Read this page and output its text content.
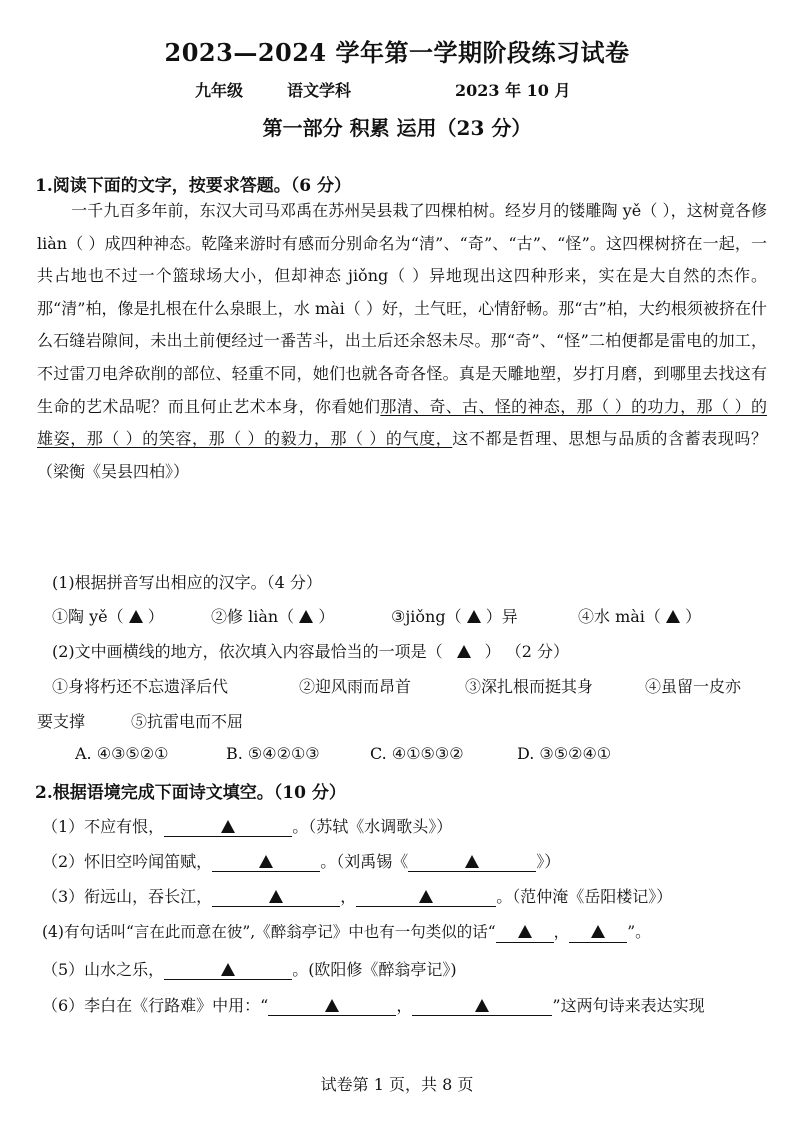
2023—2024 学年第一学期阶段练习试卷
九年级	语文学科	2023 年 10 月
第一部分 积累 运用（23 分）
1.阅读下面的文字，按要求答题。（6 分）

一千九百多年前，东汉大司马邓禹在苏州吴县栽了四棵柏树。经岁月的镂雕陶 yě（ ），这树竟各修 liàn（ ）成四种神态。乾隆来游时有感而分别命名为“清”、“奇”、“古”、“怪”。这四棵树挤在一起，一共占地也不过一个篮球场大小，但却神态 jiǒng（ ）异地现出这四种形来，实在是大自然的杰作。那“清”柏，像是扎根在什么泉眼上，水 mài（ ）好，土气旺，心情舒畅。那“古”柏，大约根须被挤在什么石缝岩隙间，未出土前便经过一番苦斗，出土后还余怒未尽。那“奇”、“怪”二柏便都是雷电的加工，不过雷刀电斧砍削的部位、轻重不同，她们也就各奇各怪。真是天雕地塑，岁打月磨，到哪里去找这有生命的艺术品呢？而且何止艺术本身，你看她们那清、奇、古、怪的神态，那（ ）的功力，那（ ）的雄姿，那（ ）的笑容，那（ ）的毅力，那（ ）的气度，这不都是哲理、思想与品质的含蓄表现吗？（梁衡《吴县四柏》）

(1)根据拼音写出相应的汉字。（4 分）
①陶 yě（ ）	②修 liàn（ ）	③jiǒng（ ）异	④水 mài（ ）
(2)文中画横线的地方，依次填入内容最恰当的一项是（	） （2 分）
①身将朽还不忘遗泽后代	②迎风雨而昂首	③深扎根而挺其身	④虽留一皮亦
要支撑	⑤抗雷电而不屈
A. ④③⑤②①	B. ⑤④②①③	C. ④①⑤③②	D. ③⑤②④①
2.根据语境完成下面诗文填空。（10 分）
（1）不应有恨，	。（苏轼《水调歌头》）
（2）怀旧空吟闻笛赋，	。（刘禹锡《	》）
（3）衔远山，吞长江，	，	。（范仲淹《岳阳楼记》）
(4)有句话叫“言在此而意在彼”,《醉翁亭记》中也有一句类似的话“	，	”。
（5）山水之乐，	。(欧阳修《醉翁亭记》)
（6）李白在《行路难》中用：“	，	”这两句诗来表达实现
试卷第 1 页，共 8 页
